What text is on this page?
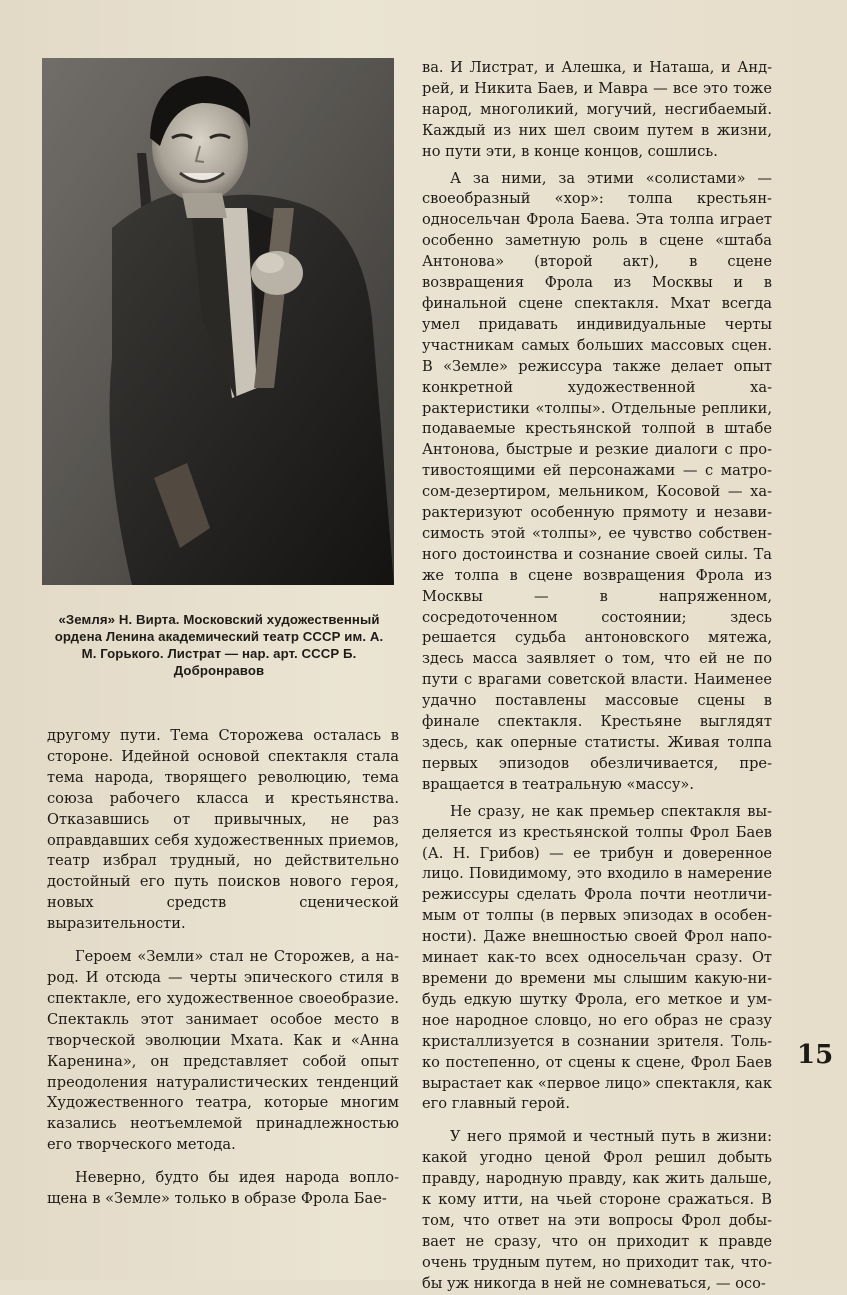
«Земля» Н. Вирта. Московский художественный ордена Ленина академический театр СССР им. А. М. Горького. Листрат — нар. арт. СССР Б. Добронравов

другому пути. Тема Сторожева осталась в стороне. Идейной основой спектакля стала тема народа, творящего революцию, тема союза рабочего класса и крестьянства. Отказавшись от привычных, не раз оправдавших себя художественных приемов, театр избрал трудный, но действительно достойный его путь поисков нового героя, новых средств сценической выразительности.

Героем «Земли» стал не Сторожев, а народ. И отсюда — черты эпического стиля в спектакле, его художественное своеобразие. Спектакль этот занимает особое место в творческой эволюции Мхата. Как и «Анна Каренина», он представляет собой опыт преодоления натуралистических тенденций Художественного театра, которые многим казались неотъемлемой принадлежностью его творческого метода.

Неверно, будто бы идея народа воплощена в «Земле» только в образе Фрола Бае-

ва. И Листрат, и Алешка, и Наташа, и Андрей, и Никита Баев, и Мавра — все это тоже народ, многоликий, могучий, несгибаемый. Каждый из них шел своим путем в жизни, но пути эти, в конце концов, сошлись.

А за ними, за этими «солистами» — своеобразный «хор»: толпа крестьян-односельчан Фрола Баева. Эта толпа играет особенно заметную роль в сцене «штаба Антонова» (второй акт), в сцене возвращения Фрола из Москвы и в финальной сцене спектакля. Мхат всегда умел придавать индивидуальные черты участникам самых больших массовых сцен. В «Земле» режиссура также делает опыт конкретной художественной характеристики «толпы». Отдельные реплики, подаваемые крестьянской толпой в штабе Антонова, быстрые и резкие диалоги с противостоящими ей персонажами — с матросом-дезертиром, мельником, Косовой — характеризуют особенную прямоту и независимость этой «толпы», ее чувство собственного достоинства и сознание своей силы. Та же толпа в сцене возвращения Фрола из Москвы — в напряженном, сосредоточенном состоянии; здесь решается судьба антоновского мятежа, здесь масса заявляет о том, что ей не по пути с врагами советской власти. Наименее удачно поставлены массовые сцены в финале спектакля. Крестьяне выглядят здесь, как оперные статисты. Живая толпа первых эпизодов обезличивается, превращается в театральную «массу».

Не сразу, не как премьер спектакля выделяется из крестьянской толпы Фрол Баев (А. Н. Грибов) — ее трибун и доверенное лицо. Повидимому, это входило в намерение режиссуры сделать Фрола почти неотличимым от толпы (в первых эпизодах в особенности). Даже внешностью своей Фрол напоминает как-то всех односельчан сразу. От времени до времени мы слышим какую-нибудь едкую шутку Фрола, его меткое и умное народное словцо, но его образ не сразу кристаллизуется в сознании зрителя. Только постепенно, от сцены к сцене, Фрол Баев вырастает как «первое лицо» спектакля, как его главный герой.

У него прямой и честный путь в жизни: какой угодно ценой Фрол решил добыть правду, народную правду, как жить дальше, к кому итти, на чьей стороне сражаться. В том, что ответ на эти вопросы Фрол добывает не сразу, что он приходит к правде очень трудным путем, но приходит так, чтобы уж никогда в ней не сомневаться, — осо-

15
